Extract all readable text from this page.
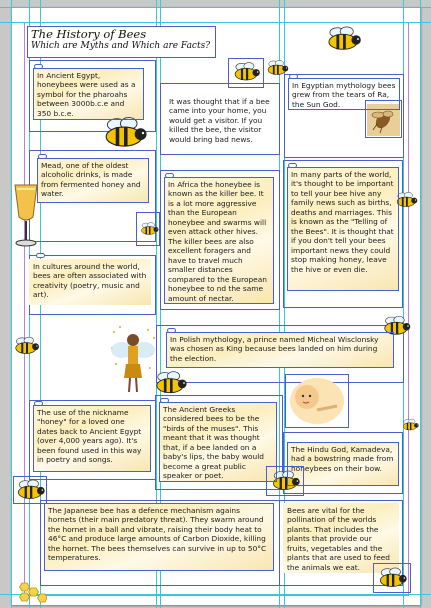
The History of Bees
Which are Myths and Which are Facts?
In Ancient Egypt, honeybees were used as a symbol for the pharoahs between 3000b.c.e and 350 b.c.e.
Mead, one of the oldest alcoholic drinks, is made from fermented honey and water.
In cultures around the world, bees are often associated with creativity (poetry, music and art).
The use of the nickname "honey" for a loved one dates back to Ancient Egypt (over 4,000 years ago). It's been found used in this way in poetry and songs.
It was thought that if a bee came into your home, you would get a visitor. If you killed the bee, the visitor would bring bad news.
In Africa the honeybee is known as the killer bee. It is a lot more aggressive than the European honeybee and swarms will even attack other hives. The killer bees are also excellent foragers and have to travel much smaller distances compared to the European honeybee to nd the same amount of nectar.
The Ancient Greeks considered bees to be the "birds of the muses". This meant that it was thought that, if a bee landed on a baby's lips, the baby would become a great public speaker or poet.
In Egyptian mythology bees grew from the tears of Ra, the Sun God.
In many parts of the world, it's thought to be important to tell your bee hive any family news such as births, deaths and marriages. This is known as the "Telling of the Bees". It is thought that if you don't tell your bees important news they could stop making honey, leave the hive or even die.
The Hindu God, Kamadeva, had a bowstring made from honeybees on their bow.
In Polish mythology, a prince named Micheal Wisclonsky was chosen as King because bees landed on him during the election.
The Japanese bee has a defence mechanism agains hornets (their main predatory threat). They swarm around the hornet in a ball and vibrate, raising their body heat to 46°C and produce large amounts of Carbon Dioxide, killing the hornet. The bees themselves can survive in up to 50°C temperatures.
Bees are vital for the pollination of the worlds plants. That includes the plants that provide our fruits, vegetables and the plants that are used to feed the animals we eat.
